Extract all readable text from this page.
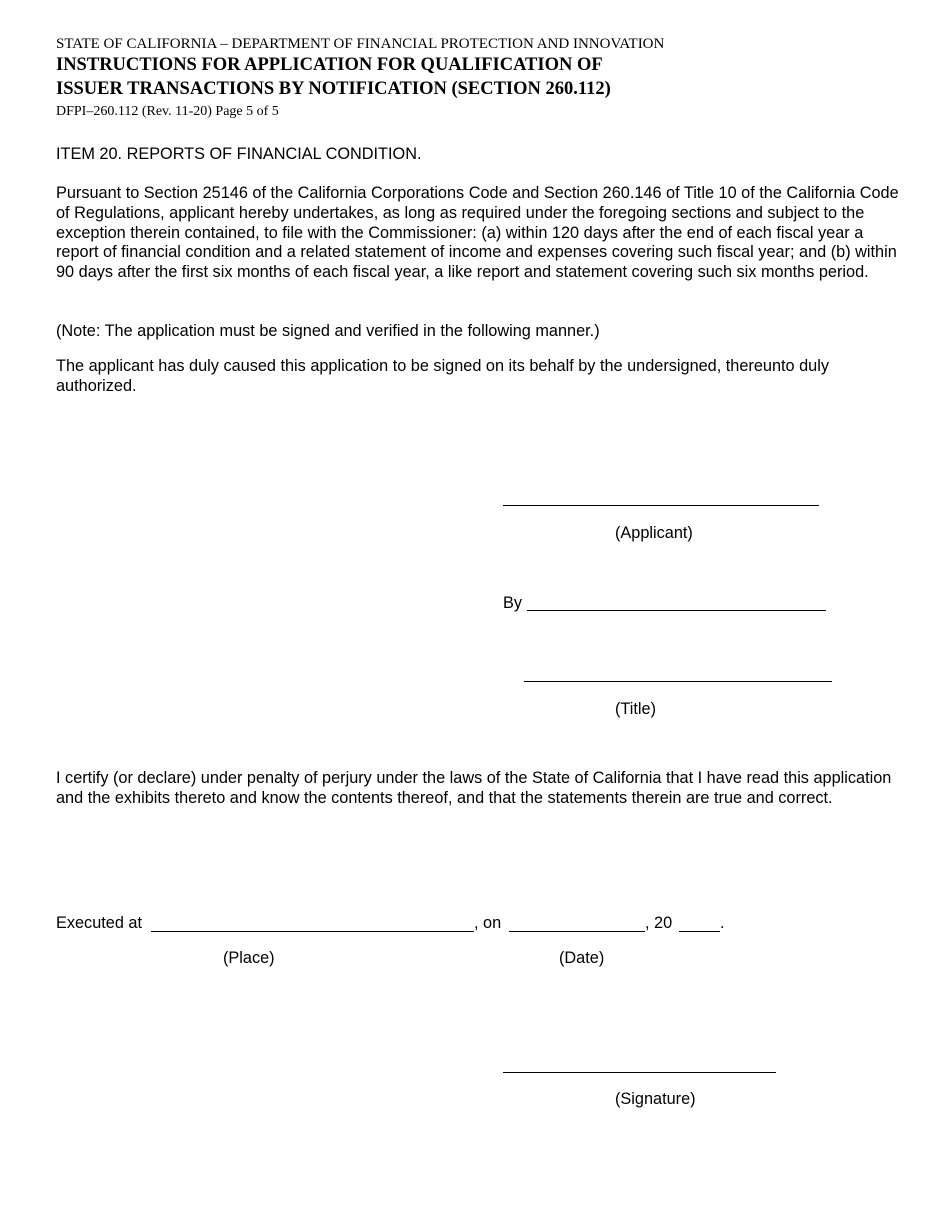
STATE OF CALIFORNIA – DEPARTMENT OF FINANCIAL PROTECTION AND INNOVATION
INSTRUCTIONS FOR APPLICATION FOR QUALIFICATION OF
ISSUER TRANSACTIONS BY NOTIFICATION (SECTION 260.112)
DFPI–260.112 (Rev. 11-20) Page 5 of 5
ITEM 20. REPORTS OF FINANCIAL CONDITION.
Pursuant to Section 25146 of the California Corporations Code and Section 260.146 of Title 10 of the California Code of Regulations, applicant hereby undertakes, as long as required under the foregoing sections and subject to the exception therein contained, to file with the Commissioner: (a) within 120 days after the end of each fiscal year a report of financial condition and a related statement of income and expenses covering such fiscal year; and (b) within 90 days after the first six months of each fiscal year, a like report and statement covering such six months period.
(Note: The application must be signed and verified in the following manner.)
The applicant has duly caused this application to be signed on its behalf by the undersigned, thereunto duly authorized.
(Applicant)
By
(Title)
I certify (or declare) under penalty of perjury under the laws of the State of California that I have read this application and the exhibits thereto and know the contents thereof, and that the statements therein are true and correct.
Executed at	, on	, 20	.
(Place)	(Date)
(Signature)
